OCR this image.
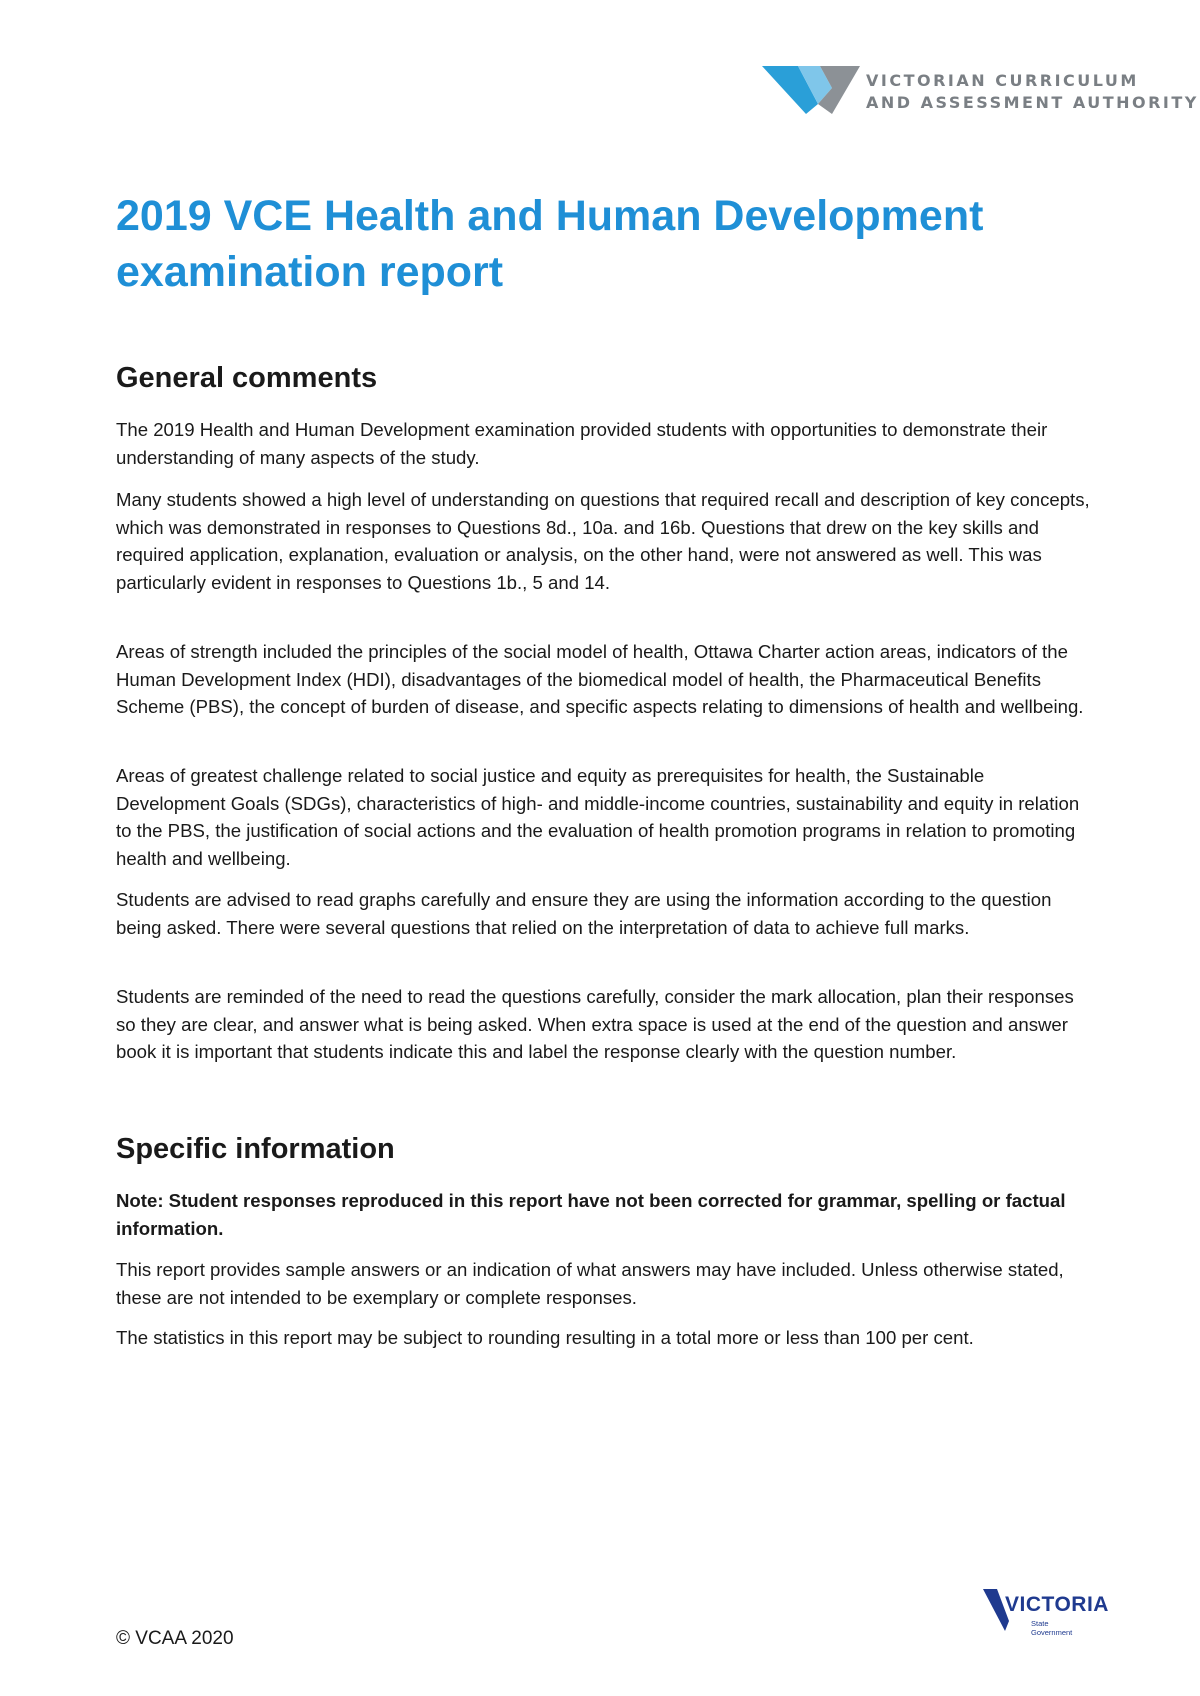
VICTORIAN CURRICULUM
AND ASSESSMENT AUTHORITY
2019 VCE Health and Human Development examination report
General comments

The 2019 Health and Human Development examination provided students with opportunities to demonstrate their understanding of many aspects of the study.

Many students showed a high level of understanding on questions that required recall and description of key concepts, which was demonstrated in responses to Questions 8d., 10a. and 16b. Questions that drew on the key skills and required application, explanation, evaluation or analysis, on the other hand, were not answered as well. This was particularly evident in responses to Questions 1b., 5 and 14.

Areas of strength included the principles of the social model of health, Ottawa Charter action areas, indicators of the Human Development Index (HDI), disadvantages of the biomedical model of health, the Pharmaceutical Benefits Scheme (PBS), the concept of burden of disease, and specific aspects relating to dimensions of health and wellbeing.

Areas of greatest challenge related to social justice and equity as prerequisites for health, the Sustainable Development Goals (SDGs), characteristics of high- and middle-income countries, sustainability and equity in relation to the PBS, the justification of social actions and the evaluation of health promotion programs in relation to promoting health and wellbeing.

Students are advised to read graphs carefully and ensure they are using the information according to the question being asked. There were several questions that relied on the interpretation of data to achieve full marks.

Students are reminded of the need to read the questions carefully, consider the mark allocation, plan their responses so they are clear, and answer what is being asked. When extra space is used at the end of the question and answer book it is important that students indicate this and label the response clearly with the question number.

Specific information

Note: Student responses reproduced in this report have not been corrected for grammar, spelling or factual information.

This report provides sample answers or an indication of what answers may have included. Unless otherwise stated, these are not intended to be exemplary or complete responses.

The statistics in this report may be subject to rounding resulting in a total more or less than 100 per cent.

© VCAA 2020
VICTORIA
State Government
